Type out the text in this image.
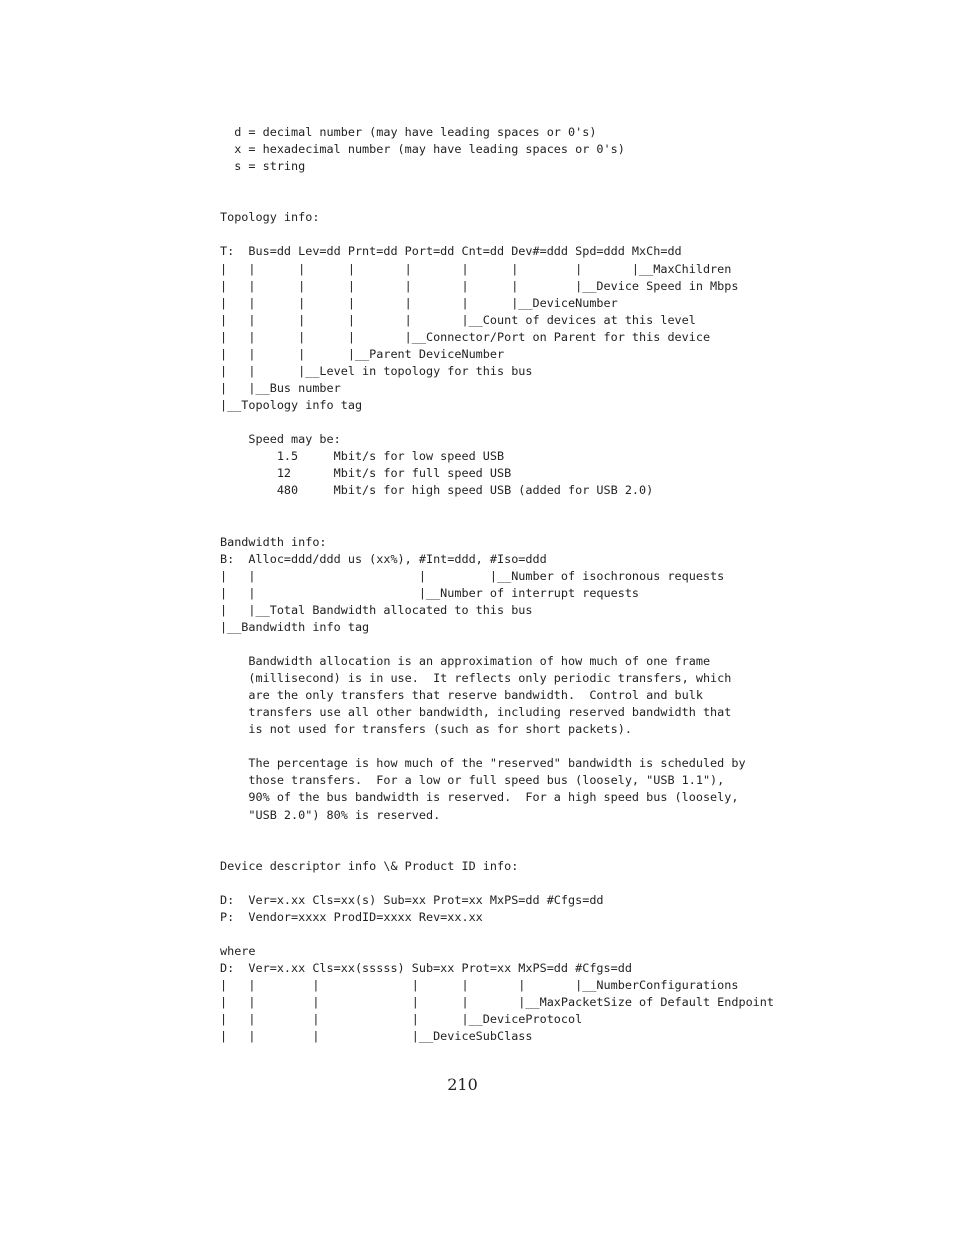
d = decimal number (may have leading spaces or 0's)
x = hexadecimal number (may have leading spaces or 0's)
s = string
Topology info:
T:  Bus=dd Lev=dd Prnt=dd Port=dd Cnt=dd Dev#=ddd Spd=ddd MxCh=dd
|   |      |      |       |       |      |        |       |__MaxChildren
|   |      |      |       |       |      |        |__Device Speed in Mbps
|   |      |      |       |       |      |__DeviceNumber
|   |      |      |       |       |__Count of devices at this level
|   |      |      |       |__Connector/Port on Parent for this device
|   |      |      |__Parent DeviceNumber
|   |      |__Level in topology for this bus
|   |__Bus number
|__Topology info tag
Speed may be:
1.5     Mbit/s for low speed USB
12      Mbit/s for full speed USB
480     Mbit/s for high speed USB (added for USB 2.0)
Bandwidth info:
B:  Alloc=ddd/ddd us (xx%), #Int=ddd, #Iso=ddd
|   |                       |         |__Number of isochronous requests
|   |                       |__Number of interrupt requests
|   |__Total Bandwidth allocated to this bus
|__Bandwidth info tag
Bandwidth allocation is an approximation of how much of one frame
(millisecond) is in use.  It reflects only periodic transfers, which
are the only transfers that reserve bandwidth.  Control and bulk
transfers use all other bandwidth, including reserved bandwidth that
is not used for transfers (such as for short packets).
The percentage is how much of the "reserved" bandwidth is scheduled by
those transfers.  For a low or full speed bus (loosely, "USB 1.1"),
90% of the bus bandwidth is reserved.  For a high speed bus (loosely,
"USB 2.0") 80% is reserved.
Device descriptor info \& Product ID info:
D:  Ver=x.xx Cls=xx(s) Sub=xx Prot=xx MxPS=dd #Cfgs=dd
P:  Vendor=xxxx ProdID=xxxx Rev=xx.xx
where
D:  Ver=x.xx Cls=xx(sssss) Sub=xx Prot=xx MxPS=dd #Cfgs=dd
|   |        |             |      |       |       |__NumberConfigurations
|   |        |             |      |       |__MaxPacketSize of Default Endpoint
|   |        |             |      |__DeviceProtocol
|   |        |             |__DeviceSubClass
210
